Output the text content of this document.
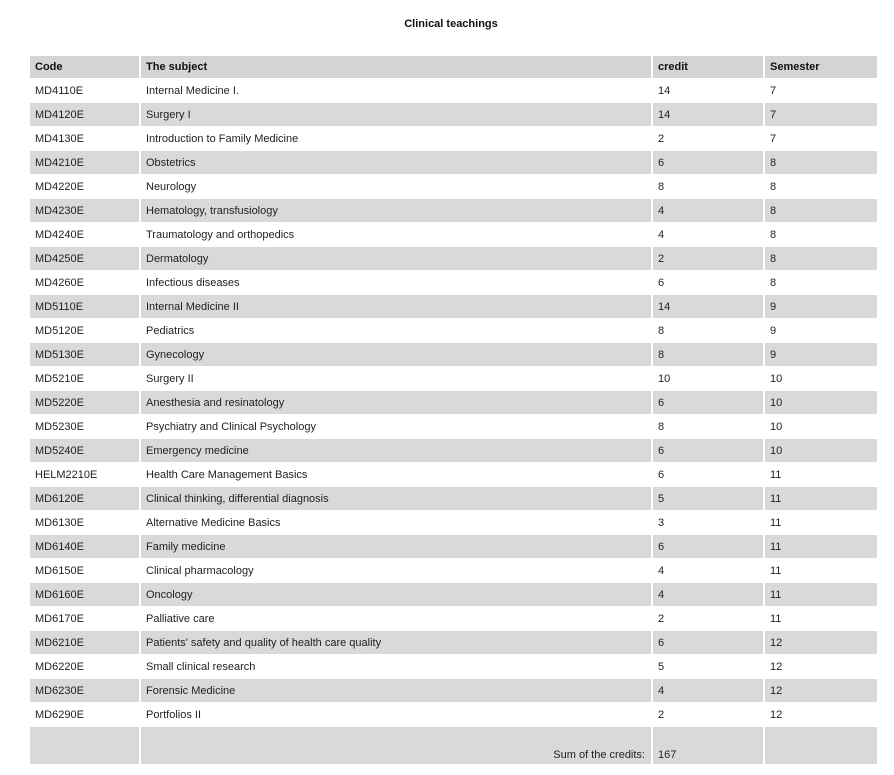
Clinical teachings
Code	The subject	credit	Semester
MD4110E	Internal Medicine I.	14	7
MD4120E	Surgery I	14	7
MD4130E	Introduction to Family Medicine	2	7
MD4210E	Obstetrics	6	8
MD4220E	Neurology	8	8
MD4230E	Hematology, transfusiology	4	8
MD4240E	Traumatology and orthopedics	4	8
MD4250E	Dermatology	2	8
MD4260E	Infectious diseases	6	8
MD5110E	Internal Medicine II	14	9
MD5120E	Pediatrics	8	9
MD5130E	Gynecology	8	9
MD5210E	Surgery II	10	10
MD5220E	Anesthesia and resinatology	6	10
MD5230E	Psychiatry and Clinical Psychology	8	10
MD5240E	Emergency medicine	6	10
HELM2210E	Health Care Management Basics	6	11
MD6120E	Clinical thinking, differential diagnosis	5	11
MD6130E	Alternative Medicine Basics	3	11
MD6140E	Family medicine	6	11
MD6150E	Clinical pharmacology	4	11
MD6160E	Oncology	4	11
MD6170E	Palliative care	2	11
MD6210E	Patients' safety and quality of health care quality	6	12
MD6220E	Small clinical research	5	12
MD6230E	Forensic Medicine	4	12
MD6290E	Portfolios II	2	12
	Sum of the credits:	167	
